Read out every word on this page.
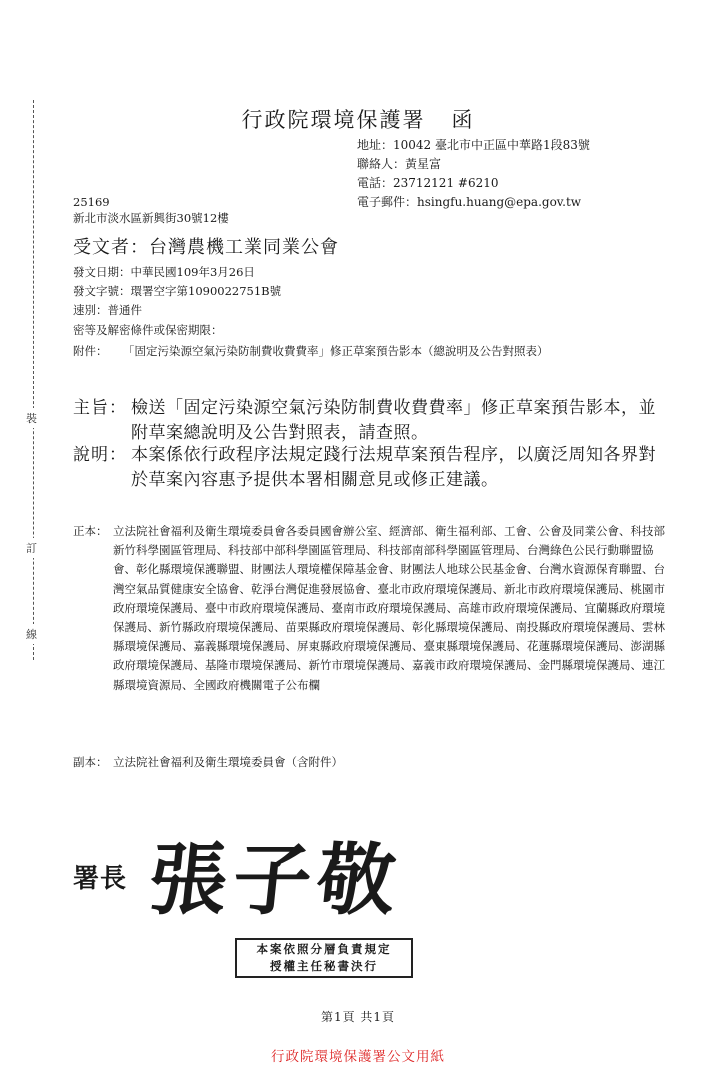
裝
訂
線
行政院環境保護署 函
地址：10042 臺北市中正區中華路1段83號
聯絡人：黃星富
電話：23712121 #6210
電子郵件：hsingfu.huang@epa.gov.tw
25169
新北市淡水區新興街30號12樓
受文者：台灣農機工業同業公會
發文日期：中華民國109年3月26日
發文字號：環署空字第1090022751B號
速別：普通件
密等及解密條件或保密期限：
附件：	「固定污染源空氣污染防制費收費費率」修正草案預告影本（總說明及公告對照表）
主旨： 檢送「固定污染源空氣污染防制費收費費率」修正草案預告影本，並附草案總說明及公告對照表，請查照。
說明： 本案係依行政程序法規定踐行法規草案預告程序，以廣泛周知各界對於草案內容惠予提供本署相關意見或修正建議。
正本： 立法院社會福利及衛生環境委員會各委員國會辦公室、經濟部、衛生福利部、工會、公會及同業公會、科技部新竹科學園區管理局、科技部中部科學園區管理局、科技部南部科學園區管理局、台灣綠色公民行動聯盟協會、彰化縣環境保護聯盟、財團法人環境權保障基金會、財團法人地球公民基金會、台灣水資源保育聯盟、台灣空氣品質健康安全協會、乾淨台灣促進發展協會、臺北市政府環境保護局、新北市政府環境保護局、桃園市政府環境保護局、臺中市政府環境保護局、臺南市政府環境保護局、高雄市政府環境保護局、宜蘭縣政府環境保護局、新竹縣政府環境保護局、苗栗縣政府環境保護局、彰化縣環境保護局、南投縣政府環境保護局、雲林縣環境保護局、嘉義縣環境保護局、屏東縣政府環境保護局、臺東縣環境保護局、花蓮縣環境保護局、澎湖縣政府環境保護局、基隆市環境保護局、新竹市環境保護局、嘉義市政府環境保護局、金門縣環境保護局、連江縣環境資源局、全國政府機關電子公布欄
副本： 立法院社會福利及衛生環境委員會（含附件）
署長 張子敬
本案依照分層負責規定
授權主任秘書決行
第1頁 共1頁
行政院環境保護署公文用紙
